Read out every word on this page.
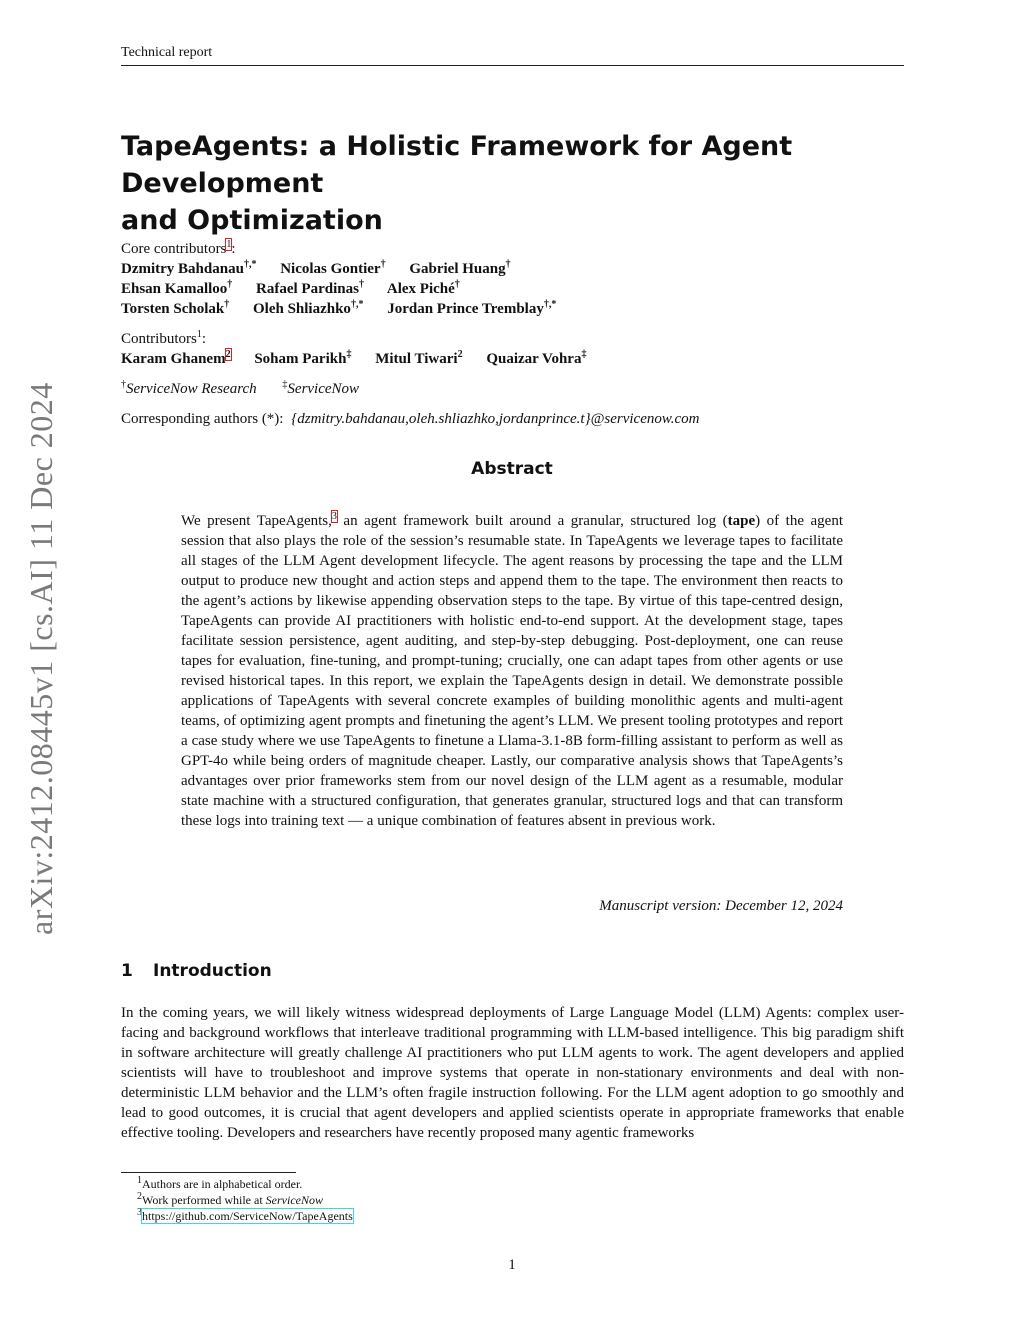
Technical report
arXiv:2412.08445v1 [cs.AI] 11 Dec 2024
TapeAgents: a Holistic Framework for Agent Development
and Optimization
Core contributors$^1$:
Dzmitry Bahdanau†,* Nicolas Gontier† Gabriel Huang†
Ehsan Kamalloo† Rafael Pardinas† Alex Piché†
Torsten Scholak† Oleh Shliazhko†,* Jordan Prince Tremblay†,*
Contributors$^1$:
Karam Ghanem$^2$ Soham Parikh‡ Mitul Tiwari$^2$ Quaizar Vohra‡
†ServiceNow Research	‡ServiceNow
Corresponding authors (*): {dzmitry.bahdanau,oleh.shliazhko,jordanprince.t}@servicenow.com
Abstract
We present TapeAgents,$^3$ an agent framework built around a granular, structured log (tape) of the agent session that also plays the role of the session’s resumable state. In TapeAgents we leverage tapes to facilitate all stages of the LLM Agent development lifecycle. The agent reasons by processing the tape and the LLM output to produce new thought and action steps and append them to the tape. The environment then reacts to the agent’s actions by likewise appending observation steps to the tape. By virtue of this tape-centred design, TapeAgents can provide AI practitioners with holistic end-to-end support. At the development stage, tapes facilitate session persistence, agent auditing, and step-by-step debugging. Post-deployment, one can reuse tapes for evaluation, fine-tuning, and prompt-tuning; crucially, one can adapt tapes from other agents or use revised historical tapes. In this report, we explain the TapeAgents design in detail. We demonstrate possible applications of TapeAgents with several concrete examples of building monolithic agents and multi-agent teams, of optimizing agent prompts and finetuning the agent’s LLM. We present tooling prototypes and report a case study where we use TapeAgents to finetune a Llama-3.1-8B form-filling assistant to perform as well as GPT-4o while being orders of magnitude cheaper. Lastly, our comparative analysis shows that TapeAgents’s advantages over prior frameworks stem from our novel design of the LLM agent as a resumable, modular state machine with a structured configuration, that generates granular, structured logs and that can transform these logs into training text — a unique combination of features absent in previous work.
Manuscript version: December 12, 2024
1 Introduction
In the coming years, we will likely witness widespread deployments of Large Language Model (LLM) Agents: complex user-facing and background workflows that interleave traditional programming with LLM-based intelligence. This big paradigm shift in software architecture will greatly challenge AI practitioners who put LLM agents to work. The agent developers and applied scientists will have to troubleshoot and improve systems that operate in non-stationary environments and deal with non-deterministic LLM behavior and the LLM’s often fragile instruction following. For the LLM agent adoption to go smoothly and lead to good outcomes, it is crucial that agent developers and applied scientists operate in appropriate frameworks that enable effective tooling. Developers and researchers have recently proposed many agentic frameworks
$^1$Authors are in alphabetical order.
$^2$Work performed while at ServiceNow
$^3$https://github.com/ServiceNow/TapeAgents
1
